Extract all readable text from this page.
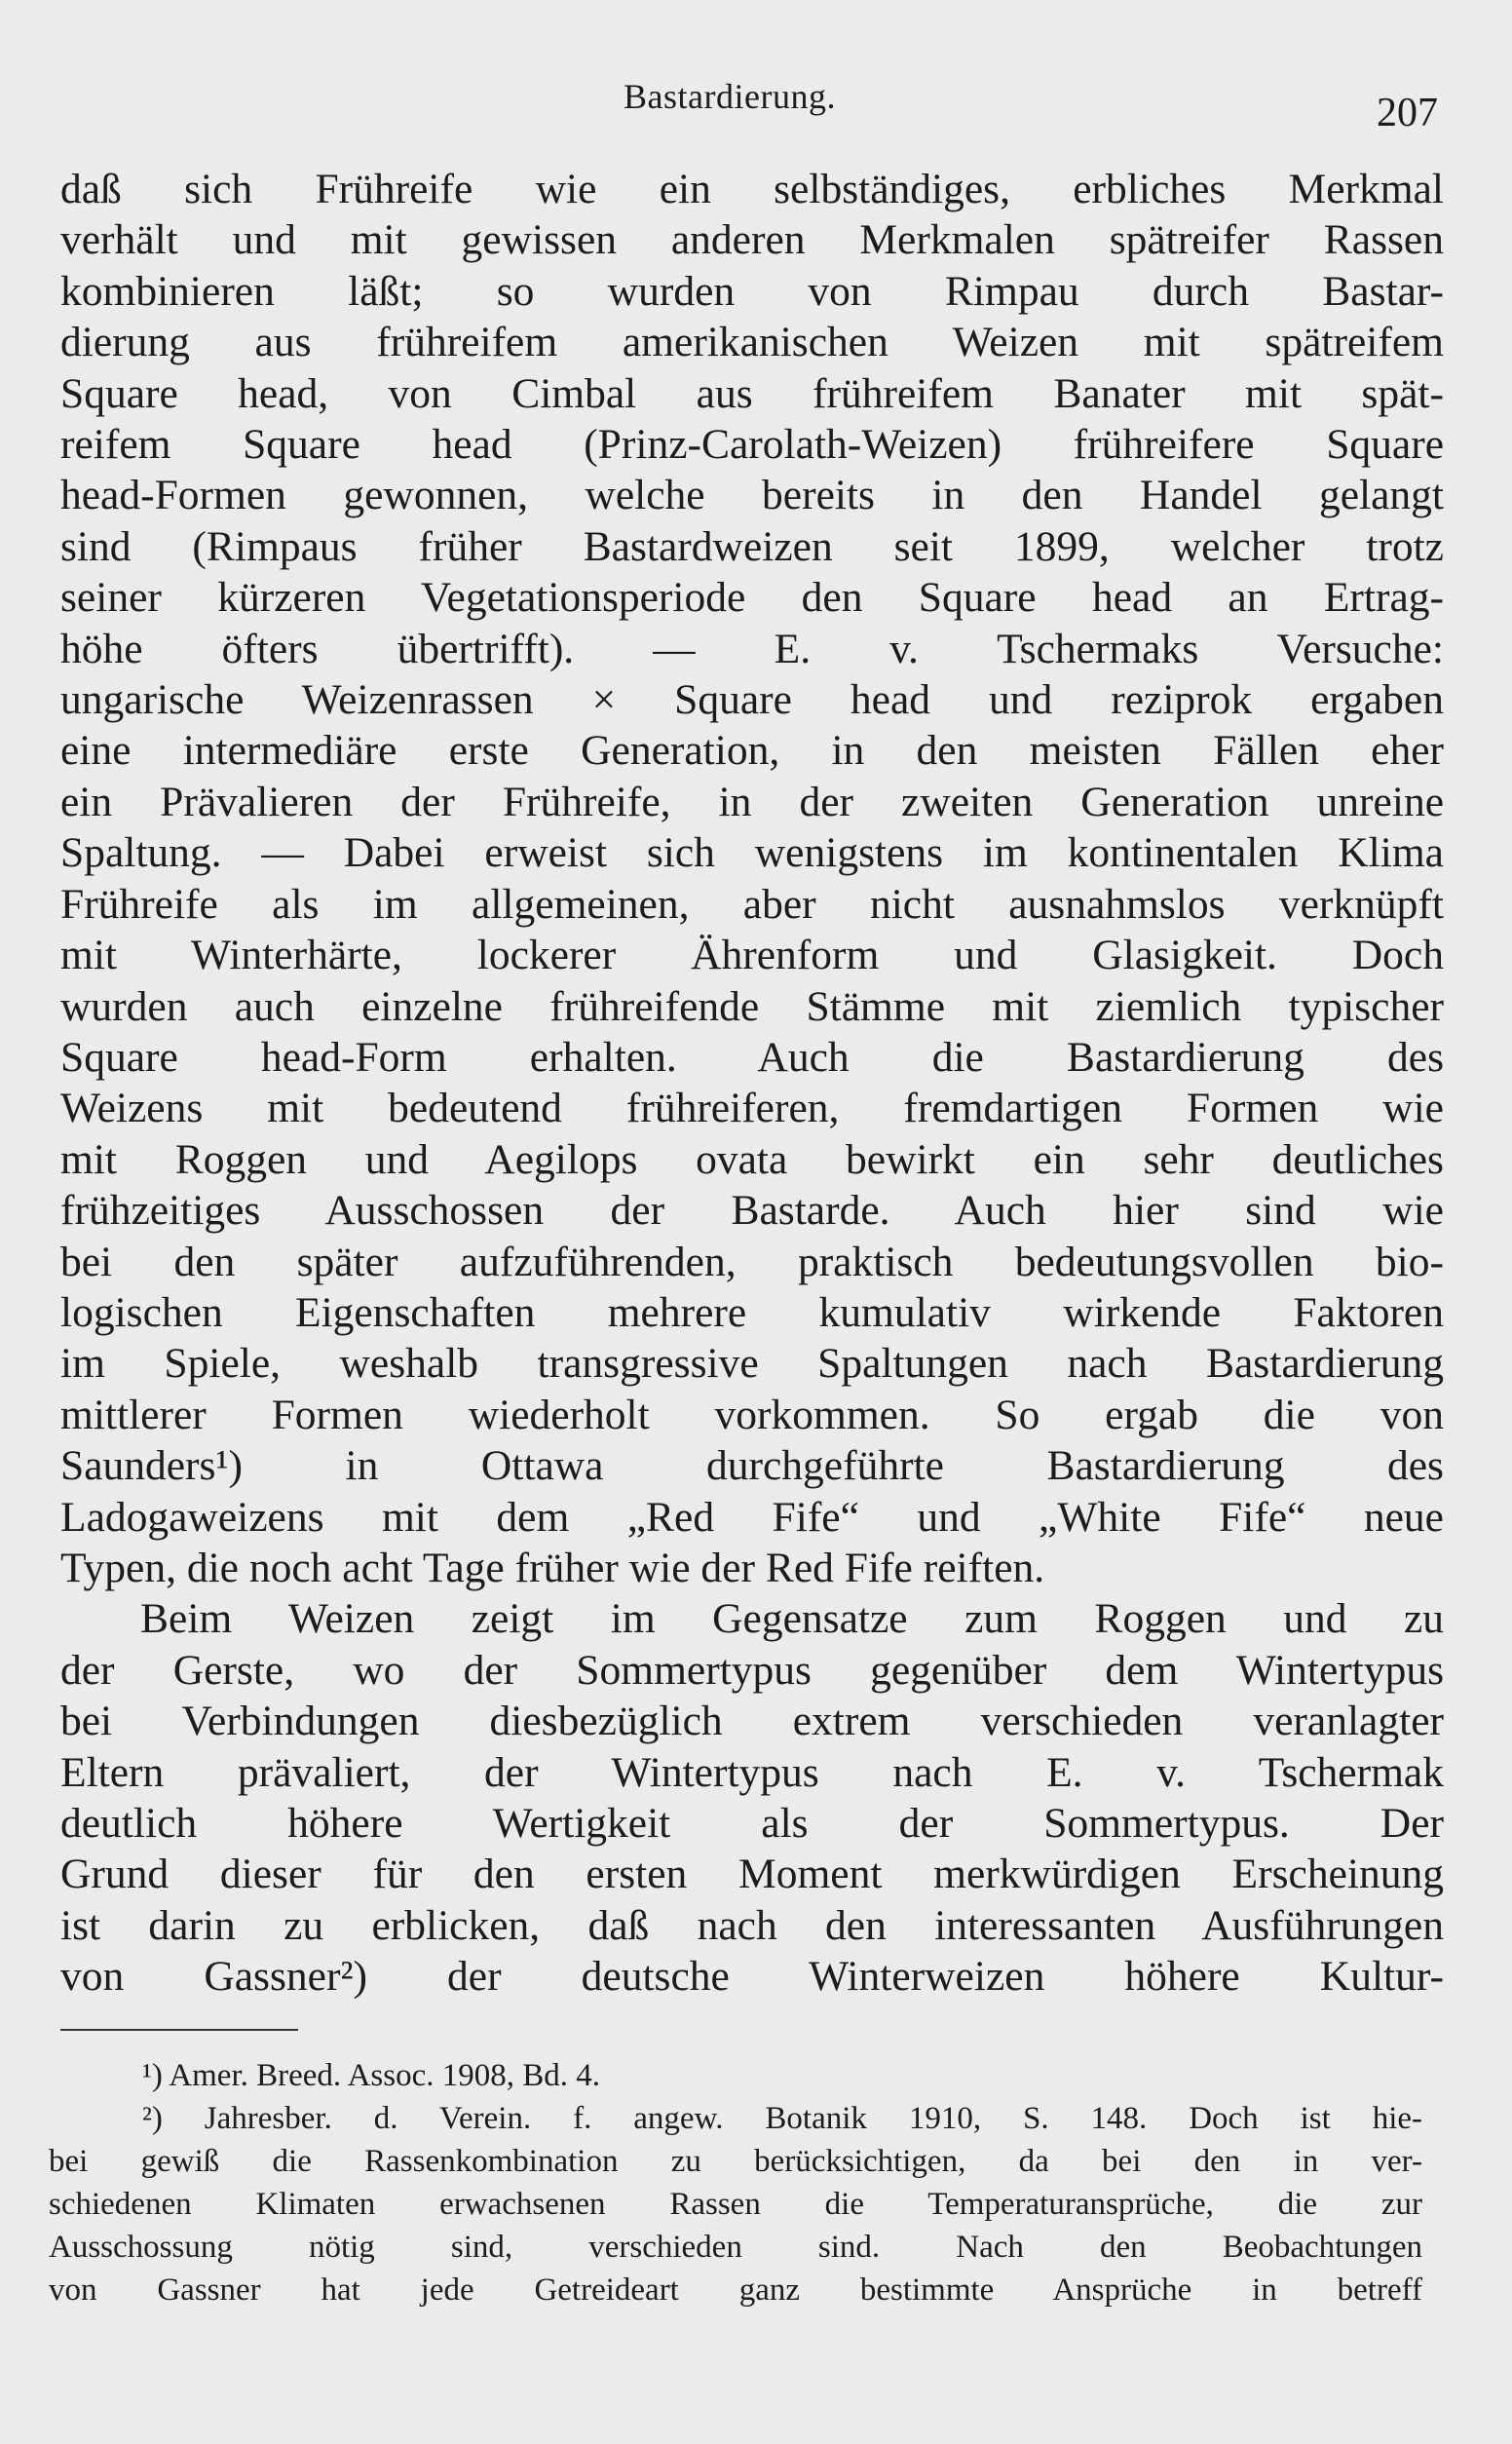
Bastardierung.	207
daß sich Frühreife wie ein selbständiges, erbliches Merkmal
verhält und mit gewissen anderen Merkmalen spätreifer Rassen
kombinieren läßt; so wurden von Rimpau durch Bastar-
dierung aus frühreifem amerikanischen Weizen mit spätreifem
Square head, von Cimbal aus frühreifem Banater mit spät-
reifem Square head (Prinz-Carolath-Weizen) frühreifere Square
head-Formen gewonnen, welche bereits in den Handel gelangt
sind (Rimpaus früher Bastardweizen seit 1899, welcher trotz
seiner kürzeren Vegetationsperiode den Square head an Ertrag-
höhe öfters übertrifft). — E. v. Tschermaks Versuche:
ungarische Weizenrassen × Square head und reziprok ergaben
eine intermediäre erste Generation, in den meisten Fällen eher
ein Prävalieren der Frühreife, in der zweiten Generation unreine
Spaltung. — Dabei erweist sich wenigstens im kontinentalen Klima
Frühreife als im allgemeinen, aber nicht ausnahmslos verknüpft
mit Winterhärte, lockerer Ährenform und Glasigkeit. Doch
wurden auch einzelne frühreifende Stämme mit ziemlich typischer
Square head-Form erhalten. Auch die Bastardierung des
Weizens mit bedeutend frühreiferen, fremdartigen Formen wie
mit Roggen und Aegilops ovata bewirkt ein sehr deutliches
frühzeitiges Ausschossen der Bastarde. Auch hier sind wie
bei den später aufzuführenden, praktisch bedeutungsvollen bio-
logischen Eigenschaften mehrere kumulativ wirkende Faktoren
im Spiele, weshalb transgressive Spaltungen nach Bastardierung
mittlerer Formen wiederholt vorkommen. So ergab die von
Saunders¹) in Ottawa durchgeführte Bastardierung des
Ladogaweizens mit dem „Red Fife“ und „White Fife“ neue
Typen, die noch acht Tage früher wie der Red Fife reiften.
Beim Weizen zeigt im Gegensatze zum Roggen und zu
der Gerste, wo der Sommertypus gegenüber dem Wintertypus
bei Verbindungen diesbezüglich extrem verschieden veranlagter
Eltern prävaliert, der Wintertypus nach E. v. Tschermak
deutlich höhere Wertigkeit als der Sommertypus. Der
Grund dieser für den ersten Moment merkwürdigen Erscheinung
ist darin zu erblicken, daß nach den interessanten Ausführungen
von Gassner²) der deutsche Winterweizen höhere Kultur-
¹) Amer. Breed. Assoc. 1908, Bd. 4.
²) Jahresber. d. Verein. f. angew. Botanik 1910, S. 148. Doch ist hie-
bei gewiß die Rassenkombination zu berücksichtigen, da bei den in ver-
schiedenen Klimaten erwachsenen Rassen die Temperaturansprüche, die zur
Ausschossung nötig sind, verschieden sind. Nach den Beobachtungen
von Gassner hat jede Getreideart ganz bestimmte Ansprüche in betreff
